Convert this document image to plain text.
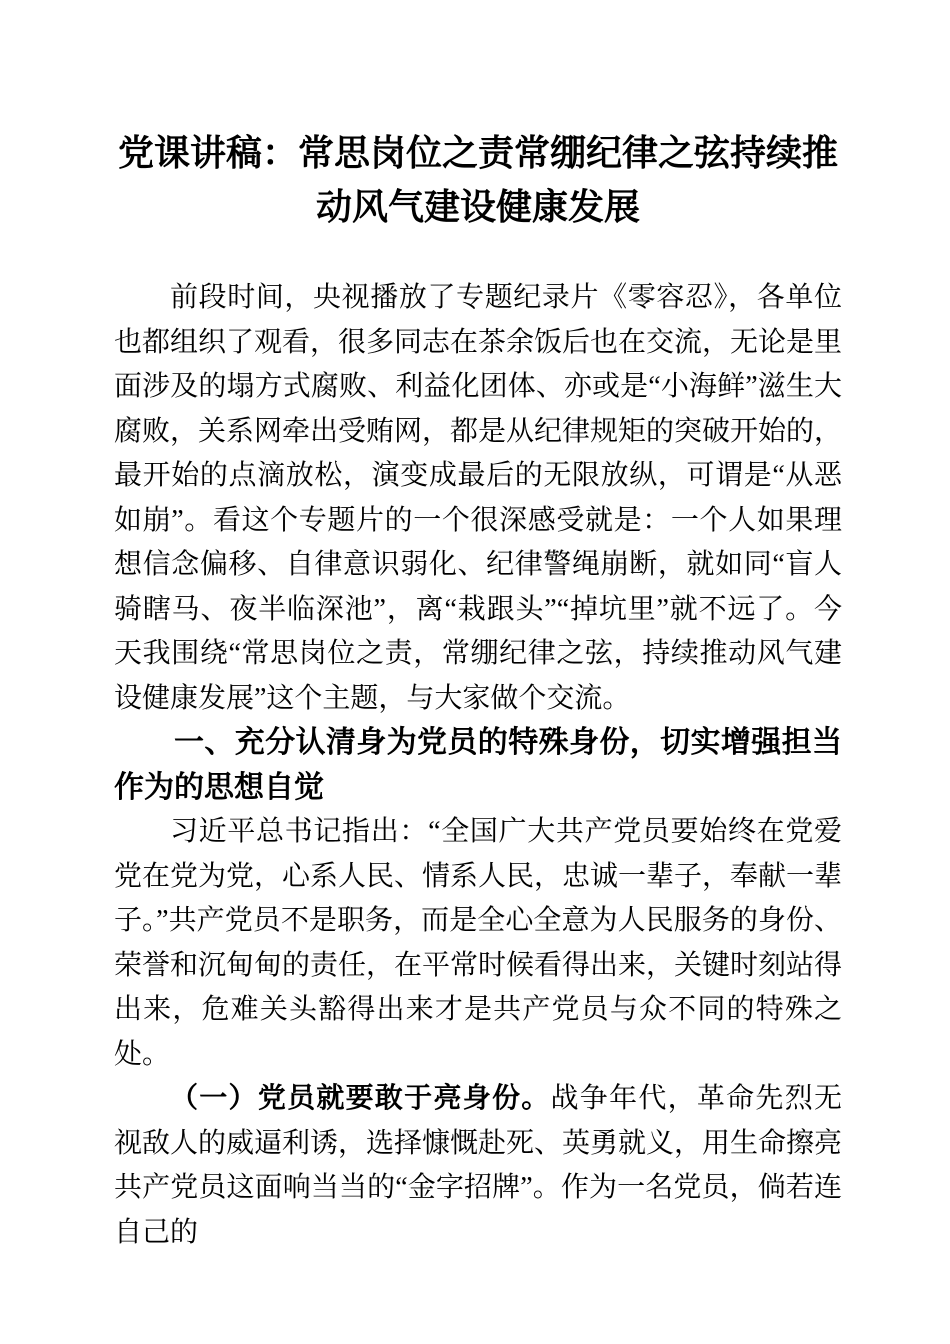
党课讲稿：常思岗位之责常绷纪律之弦持续推动风气建设健康发展

前段时间，央视播放了专题纪录片《零容忍》，各单位也都组织了观看，很多同志在茶余饭后也在交流，无论是里面涉及的塌方式腐败、利益化团体、亦或是“小海鲜”滋生大腐败，关系网牵出受贿网，都是从纪律规矩的突破开始的，最开始的点滴放松，演变成最后的无限放纵，可谓是“从恶如崩”。看这个专题片的一个很深感受就是：一个人如果理想信念偏移、自律意识弱化、纪律警绳崩断，就如同“盲人骑瞎马、夜半临深池”，离“栽跟头”“掉坑里”就不远了。今天我围绕“常思岗位之责，常绷纪律之弦，持续推动风气建设健康发展”这个主题，与大家做个交流。

一、充分认清身为党员的特殊身份，切实增强担当作为的思想自觉

习近平总书记指出：“全国广大共产党员要始终在党爱党在党为党，心系人民、情系人民，忠诚一辈子，奉献一辈子。”共产党员不是职务，而是全心全意为人民服务的身份、荣誉和沉甸甸的责任，在平常时候看得出来，关键时刻站得出来，危难关头豁得出来才是共产党员与众不同的特殊之处。

（一）党员就要敢于亮身份。战争年代，革命先烈无视敌人的威逼利诱，选择慷慨赴死、英勇就义，用生命擦亮共产党员这面响当当的“金字招牌”。作为一名党员，倘若连自己的
